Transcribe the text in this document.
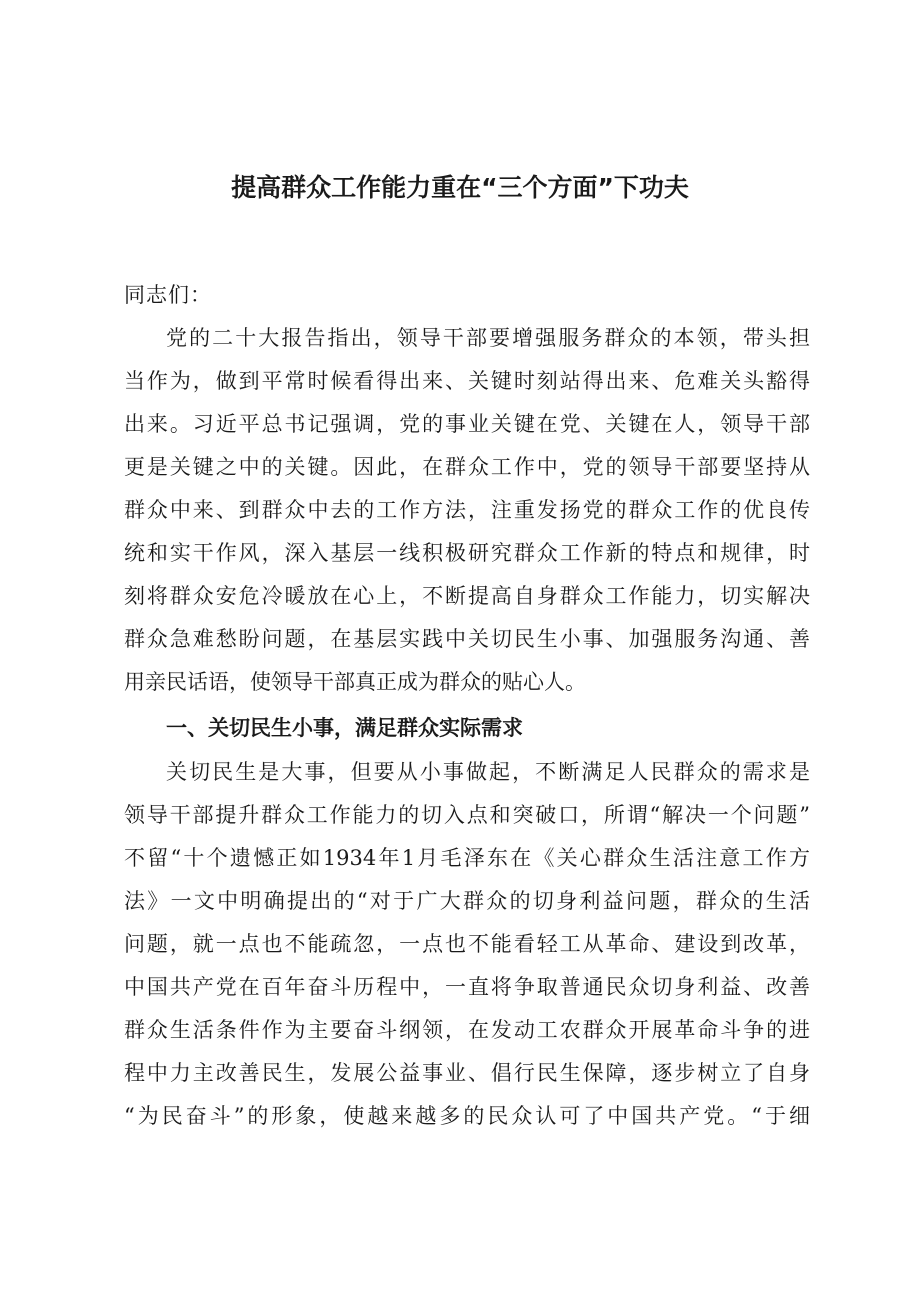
提高群众工作能力重在“三个方面”下功夫

同志们：

党的二十大报告指出，领导干部要增强服务群众的本领，带头担

当作为，做到平常时候看得出来、关键时刻站得出来、危难关头豁得

出来。习近平总书记强调，党的事业关键在党、关键在人，领导干部

更是关键之中的关键。因此，在群众工作中，党的领导干部要坚持从

群众中来、到群众中去的工作方法，注重发扬党的群众工作的优良传

统和实干作风，深入基层一线积极研究群众工作新的特点和规律，时

刻将群众安危冷暖放在心上，不断提高自身群众工作能力，切实解决

群众急难愁盼问题，在基层实践中关切民生小事、加强服务沟通、善

用亲民话语，使领导干部真正成为群众的贴心人。

一、关切民生小事，满足群众实际需求

关切民生是大事，但要从小事做起，不断满足人民群众的需求是

领导干部提升群众工作能力的切入点和突破口，所谓“解决一个问题”

不留“十个遗憾正如1934年1月毛泽东在《关心群众生活注意工作方

法》一文中明确提出的“对于广大群众的切身利益问题，群众的生活

问题，就一点也不能疏忽，一点也不能看轻工从革命、建设到改革，

中国共产党在百年奋斗历程中，一直将争取普通民众切身利益、改善

群众生活条件作为主要奋斗纲领，在发动工农群众开展革命斗争的进

程中力主改善民生，发展公益事业、倡行民生保障，逐步树立了自身

“为民奋斗”的形象，使越来越多的民众认可了中国共产党。“于细
